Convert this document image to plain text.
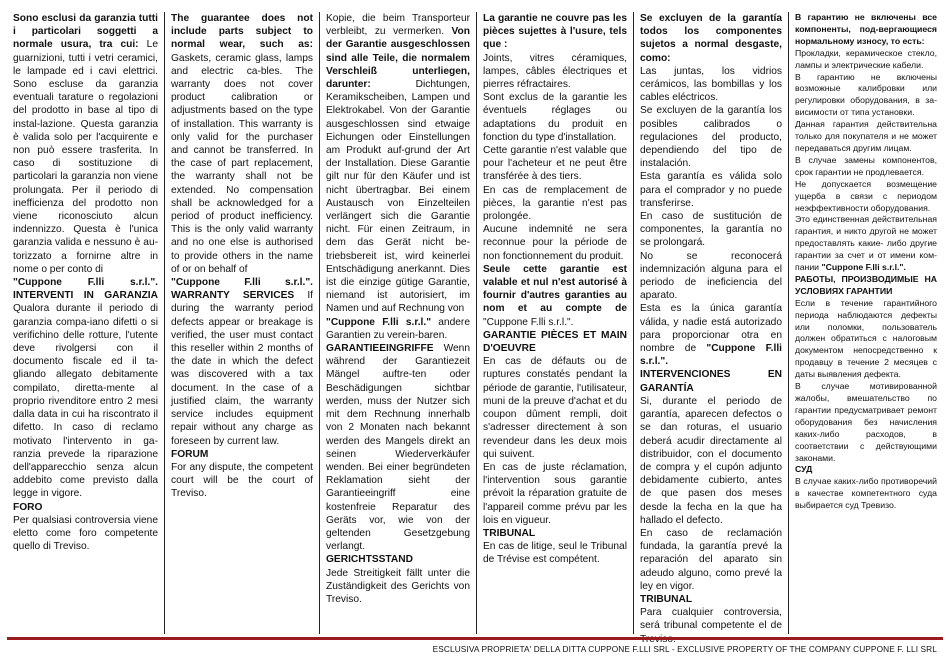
Sono esclusi da garanzia tutti i particolari soggetti a normale usura, tra cui: Le guarnizioni, tutti i vetri ceramici, le lampade ed i cavi elettrici. Sono escluse da garanzia eventuali tarature o regolazioni del prodotto in base al tipo di instal-lazione. Questa garanzia è valida solo per l'acquirente e non può essere trasferita. In caso di sostituzione di particolari la garanzia non viene prolungata. Per il periodo di inefficienza del prodotto non viene riconosciuto alcun indennizzo. Questa è l'unica garanzia valida e nessuno è au-torizzato a fornirne altre in nome o per conto di

"Cuppone F.lli s.r.l.". INTERVENTI IN GARANZIA Qualora durante il periodo di garanzia compa-iano difetti o si verifichino delle rotture, l'utente deve rivolgersi con il documento fiscale ed il ta-gliando allegato debitamente compilato, diretta-mente al proprio rivenditore entro 2 mesi dalla data in cui ha riscontrato il difetto. In caso di reclamo motivato l'intervento in ga-ranzia prevede la riparazione dell'apparecchio senza alcun addebito come previsto dalla legge in vigore.

FORO

Per qualsiasi controversia viene eletto come foro competente quello di Treviso.

The guarantee does not include parts subject to normal wear, such as: Gaskets, ceramic glass, lamps and electric ca-bles. The warranty does not cover product calibration or adjustments based on the type of installation. This warranty is only valid for the purchaser and cannot be transferred. In the case of part replacement, the warranty shall not be extended. No compensation shall be acknowledged for a period of product inefficiency. This is the only valid warranty and no one else is authorised to provide others in the name of or on behalf of

"Cuppone F.lli s.r.l.". WARRANTY SERVICES If during the warranty period defects appear or breakage is verified, the user must contact this reseller within 2 months of the date in which the defect was discovered with a tax document. In the case of a justified claim, the warranty service includes equipment repair without any charge as foreseen by current law.

FORUM

For any dispute, the competent court will be the court of Treviso.

Kopie, die beim Transporteur verbleibt, zu vermerken. Von der Garantie ausgeschlossen sind alle Teile, die normalem Verschleiß unterliegen, darunter: Dichtungen, Keramikscheiben, Lampen und Elektrokabel. Von der Garantie ausgeschlossen sind etwaige Eichungen oder Einstellungen am Produkt auf-grund der Art der Installation. Diese Garantie gilt nur für den Käufer und ist nicht übertragbar. Bei einem Austausch von Einzelteilen verlängert sich die Garantie nicht. Für einen Zeitraum, in dem das Gerät nicht be-triebsbereit ist, wird keinerlei Entschädigung anerkannt. Dies ist die einzige gütige Garantie, niemand ist autorisiert, im Namen und auf Rechnung von

"Cuppone F.lli s.r.l." andere Garantien zu verein-baren.

GARANTIEEINGRIFFE Wenn während der Garantiezeit Mängel auftre-ten oder Beschädigungen sichtbar werden, muss der Nutzer sich mit dem Rechnung innerhalb von 2 Monaten nach bekannt werden des Mangels direkt an seinen Wiederverkäufer wenden. Bei einer begründeten Reklamation sieht der Garantieeingriff eine kostenfreie Reparatur des Geräts vor, wie von der geltenden Gesetzgebung verlangt.

GERICHTSSTAND

Jede Streitigkeit fällt unter die Zuständigkeit des Gerichts von Treviso.

La garantie ne couvre pas les pièces sujettes à l'usure, tels que :

Joints, vitres céramiques, lampes, câbles électriques et pierres réfractaires.

Sont exclus de la garantie les éventuels réglages ou adaptations du produit en fonction du type d'installation.

Cette garantie n'est valable que pour l'acheteur et ne peut être transférée à des tiers.

En cas de remplacement de pièces, la garantie n'est pas prolongée.

Aucune indemnité ne sera reconnue pour la période de non fonctionnement du produit.

Seule cette garantie est valable et nul n'est autorisé à fournir d'autres garanties au nom et au compte de "Cuppone F.lli s.r.l.".

GARANTIE PIÈCES ET MAIN D'OEUVRE

En cas de défauts ou de ruptures constatés pendant la période de garantie, l'utilisateur, muni de la preuve d'achat et du coupon dûment rempli, doit s'adresser directement à son revendeur dans les deux mois qui suivent.

En cas de juste réclamation, l'intervention sous garantie prévoit la réparation gratuite de l'appareil comme prévu par les lois en vigueur.

TRIBUNAL

En cas de litige, seul le Tribunal de Trévise est compétent.

Se excluyen de la garantía todos los componentes sujetos a normal desgaste, como:

Las juntas, los vidrios cerámicos, las bombillas y los cables eléctricos.

Se excluyen de la garantía los posibles calibrados o regulaciones del producto, dependiendo del tipo de instalación.

Esta garantía es válida solo para el comprador y no puede transferirse.

En caso de sustitución de componentes, la garantía no se prolongará.

No se reconocerá indemnización alguna para el periodo de ineficiencia del aparato.

Esta es la única garantía válida, y nadie está autorizado para proporcionar otra en nombre de "Cuppone F.lli s.r.l.".

INTERVENCIONES EN GARANTÍA

Si, durante el periodo de garantía, aparecen defectos o se dan roturas, el usuario deberá acudir directamente al distribuidor, con el documento de compra y el cupón adjunto debidamente cubierto, antes de que pasen dos meses desde la fecha en la que ha hallado el defecto.

En caso de reclamación fundada, la garantía prevé la reparación del aparato sin adeudo alguno, como prevé la ley en vigor.

TRIBUNAL

Para cualquier controversia, será tribunal competente el de

В гарантию не включены все компоненты, под-вергающиеся нормальному износу, то есть:

Прокладки, керамическое стекло, лампы и электрические кабели.

В гарантию не включены возможные калибровки или регулировки оборудования, в за-висимости от типа установки.

Данная гарантия действительна только для покупателя и не может передаваться другим лицам.

В случае замены компонентов, срок гарантии не продлевается.

Не допускается возмещение ущерба в связи с периодом неэффективности оборудования.

Это единственная действительная гарантия, и никто другой не может предоставлять какие- либо другие гарантии за счет и от имени ком-пании "Cuppone F.lli s.r.l.".

РАБОТЫ, ПРОИЗВОДИМЫЕ НА УСЛОВИЯХ ГАРАНТИИ

Если в течение гарантийного периода наблюдаются дефекты или поломки, пользователь должен обратиться с налоговым документом непосредственно к продавцу в течение 2 месяцев с даты выявления дефекта.

В случае мотивированной жалобы, вмешательство по гарантии предусматривает ремонт оборудования без начисления каких-либо расходов, в соответствии с действующими законами.

СУД

В случае каких-либо противоречий в качестве компетентного суда выбирается суд Тревизо.

ESCLUSIVA PROPRIETA' DELLA DITTA CUPPONE F.LLI SRL - EXCLUSIVE PROPERTY OF THE COMPANY CUPPONE F. LLI SRL
